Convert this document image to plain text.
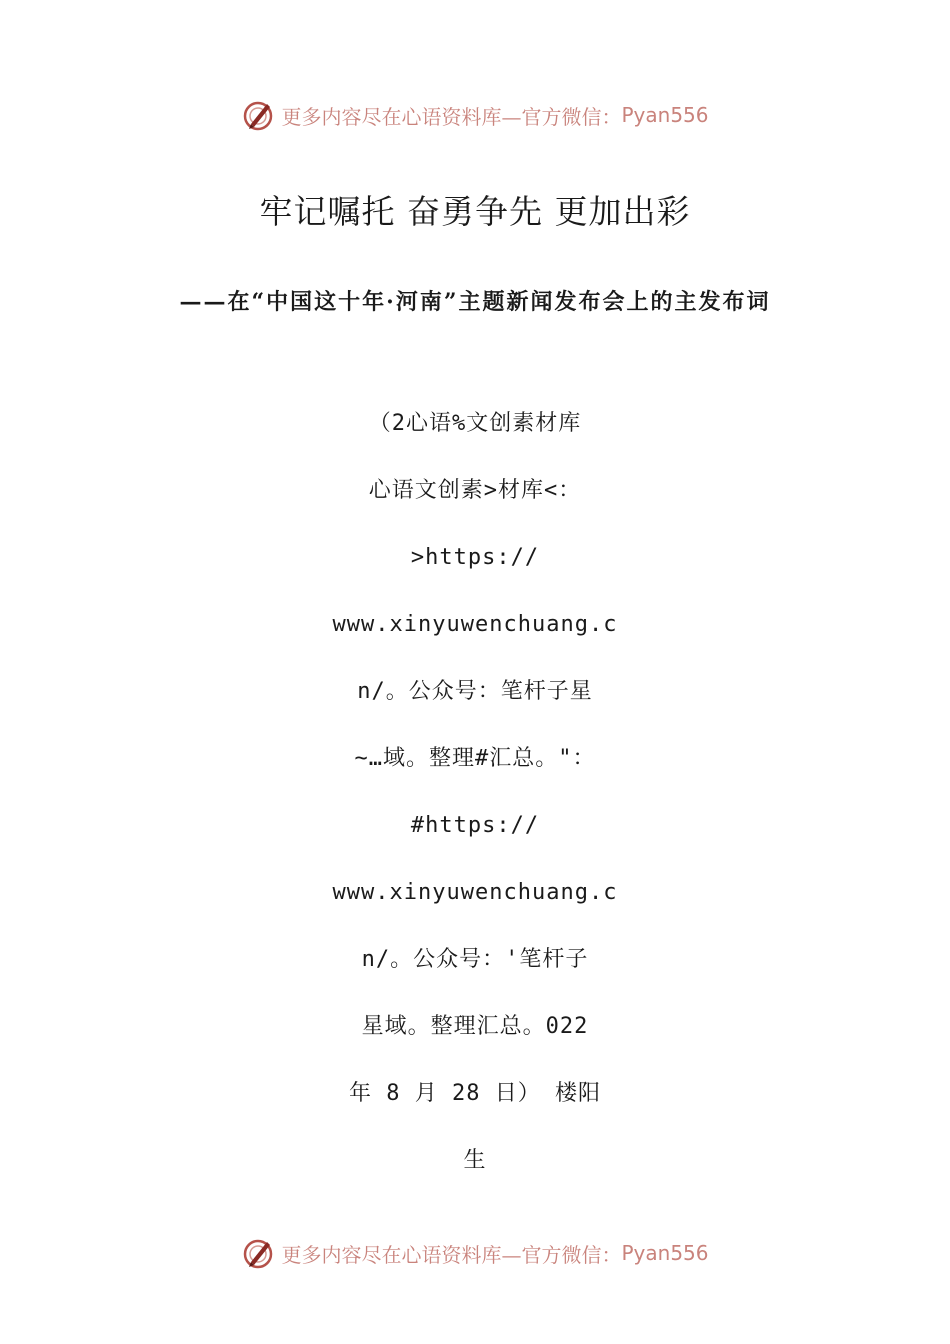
更多内容尽在心语资料库—官方微信： Pyan556
牢记嘱托 奋勇争先 更加出彩

——在“中国这十年·河南”主题新闻发布会上的主发布词

（2心语%文创素材库
心语文创素>材库<：
>https://
www.xinyuwenchuang.c
n/。公众号：笔杆子星
~…域。整理#汇总。"：
#https://
www.xinyuwenchuang.c
n/。公众号：'笔杆子
星域。整理汇总。022
年 8 月 28 日） 楼阳
生
更多内容尽在心语资料库—官方微信： Pyan556
